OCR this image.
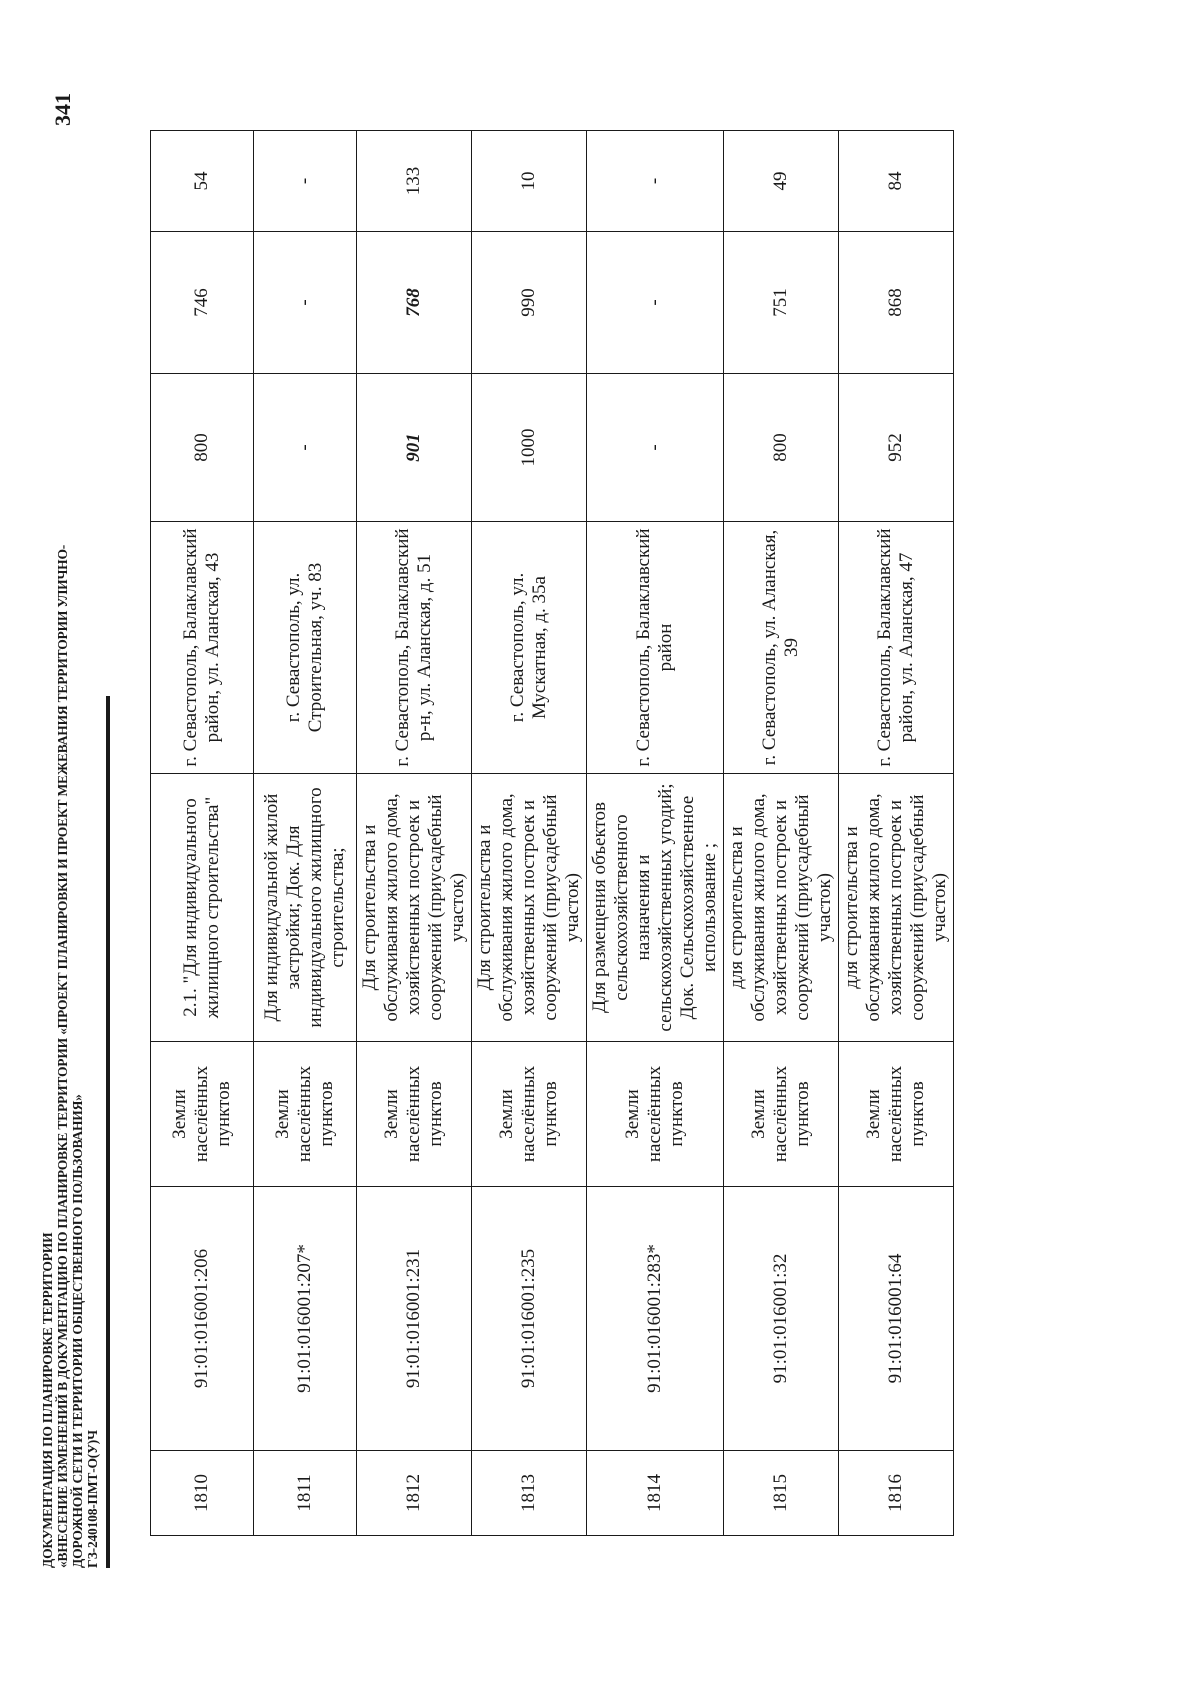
ДОКУМЕНТАЦИЯ ПО ПЛАНИРОВКЕ ТЕРРИТОРИИ «ВНЕСЕНИЕ ИЗМЕНЕНИЙ В ДОКУМЕНТАЦИЮ ПО ПЛАНИРОВКЕ ТЕРРИТОРИИ «ПРОЕКТ ПЛАНИРОВКИ И ПРОЕКТ МЕЖЕВАНИЯ ТЕРРИТОРИИ УЛИЧНО- ДОРОЖНОЙ СЕТИ И ТЕРРИТОРИИ ОБЩЕСТВЕННОГО ПОЛЬЗОВАНИЯ» ГЗ-240108-ПМТ-О(У)Ч
341
1810	91:01:016001:206	Земли населённых пунктов	2.1. "Для индивидуального жилищного строительства"	г. Севастополь, Балаклавский район, ул. Аланская, 43	800	746	54
1811	91:01:016001:207*	Земли населённых пунктов	Для индивидуальной жилой застройки; Док. Для индивидуального жилищного строительства;	г. Севастополь, ул. Строительная, уч. 83	-	-	-
1812	91:01:016001:231	Земли населённых пунктов	Для строительства и обслуживания жилого дома, хозяйственных построек и сооружений (приусадебный участок)	г. Севастополь, Балаклавский р-н, ул. Аланская, д. 51	901	768	133
1813	91:01:016001:235	Земли населённых пунктов	Для строительства и обслуживания жилого дома, хозяйственных построек и сооружений (приусадебный участок)	г. Севастополь, ул. Мускатная, д. 35а	1000	990	10
1814	91:01:016001:283*	Земли населённых пунктов	Для размещения объектов сельскохозяйственного назначения и сельскохозяйственных угодий; Док. Сельскохозяйственное использование ;	г. Севастополь, Балаклавский район	-	-	-
1815	91:01:016001:32	Земли населённых пунктов	для строительства и обслуживания жилого дома, хозяйственных построек и сооружений (приусадебный участок)	г. Севастополь, ул. Аланская, 39	800	751	49
1816	91:01:016001:64	Земли населённых пунктов	для строительства и обслуживания жилого дома, хозяйственных построек и сооружений (приусадебный участок)	г. Севастополь, Балаклавский район, ул. Аланская, 47	952	868	84
